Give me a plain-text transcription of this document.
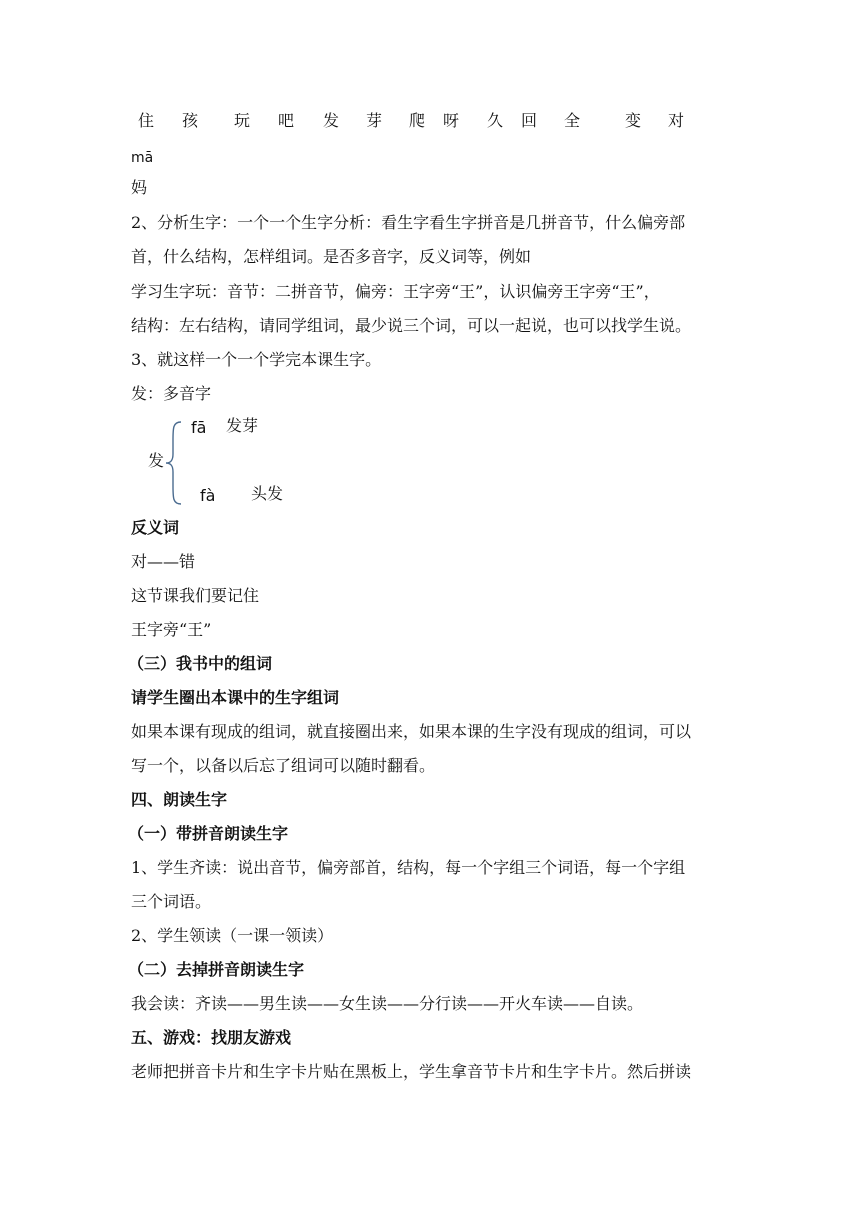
住 孩 玩 吧 发 芽 爬 呀 久 回 全	变 对
mā
妈
2、分析生字：一个一个生字分析：看生字看生字拼音是几拼音节，什么偏旁部
首，什么结构，怎样组词。是否多音字，反义词等，例如
学习生字玩：音节：二拼音节，偏旁：王字旁“王”，认识偏旁王字旁“王”，
结构：左右结构，请同学组词，最少说三个词，可以一起说，也可以找学生说。
3、就这样一个一个学完本课生字。
发：多音字
发
fā 发芽
fà 头发
反义词
对——错
这节课我们要记住
王字旁“王”
（三）我书中的组词
请学生圈出本课中的生字组词
如果本课有现成的组词，就直接圈出来，如果本课的生字没有现成的组词，可以
写一个，以备以后忘了组词可以随时翻看。
四、朗读生字
（一）带拼音朗读生字
1、学生齐读：说出音节，偏旁部首，结构，每一个字组三个词语，每一个字组
三个词语。
2、学生领读（一课一领读）
（二）去掉拼音朗读生字
我会读：齐读——男生读——女生读——分行读——开火车读——自读。
五、游戏：找朋友游戏
老师把拼音卡片和生字卡片贴在黑板上，学生拿音节卡片和生字卡片。然后拼读
